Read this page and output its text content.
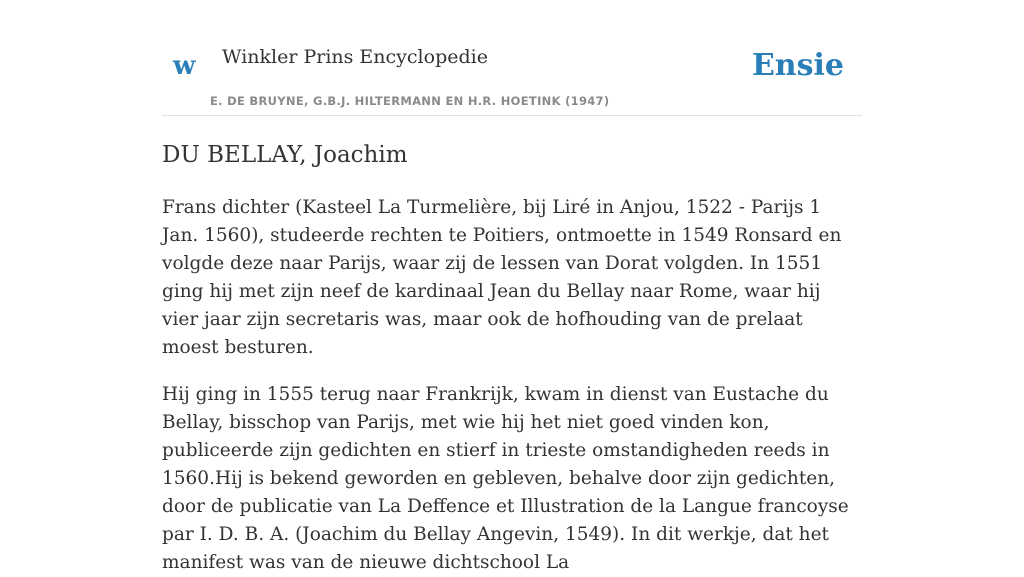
w Winkler Prins Encyclopedie
E. DE BRUYNE, G.B.J. HILTERMANN EN H.R. HOETINK (1947)
Ensie
DU BELLAY, Joachim

Frans dichter (Kasteel La Turmelière, bij Liré in Anjou, 1522 - Parijs 1 Jan. 1560), studeerde rechten te Poitiers, ontmoette in 1549 Ronsard en volgde deze naar Parijs, waar zij de lessen van Dorat volgden. In 1551 ging hij met zijn neef de kardinaal Jean du Bellay naar Rome, waar hij vier jaar zijn secretaris was, maar ook de hofhouding van de prelaat moest besturen.

Hij ging in 1555 terug naar Frankrijk, kwam in dienst van Eustache du Bellay, bisschop van Parijs, met wie hij het niet goed vinden kon, publiceerde zijn gedichten en stierf in trieste omstandigheden reeds in 1560.Hij is bekend geworden en gebleven, behalve door zijn gedichten, door de publicatie van La Deffence et Illustration de la Langue francoyse par I. D. B. A. (Joachim du Bellay Angevin, 1549). In dit werkje, dat het manifest was van de nieuwe dichtschool La
